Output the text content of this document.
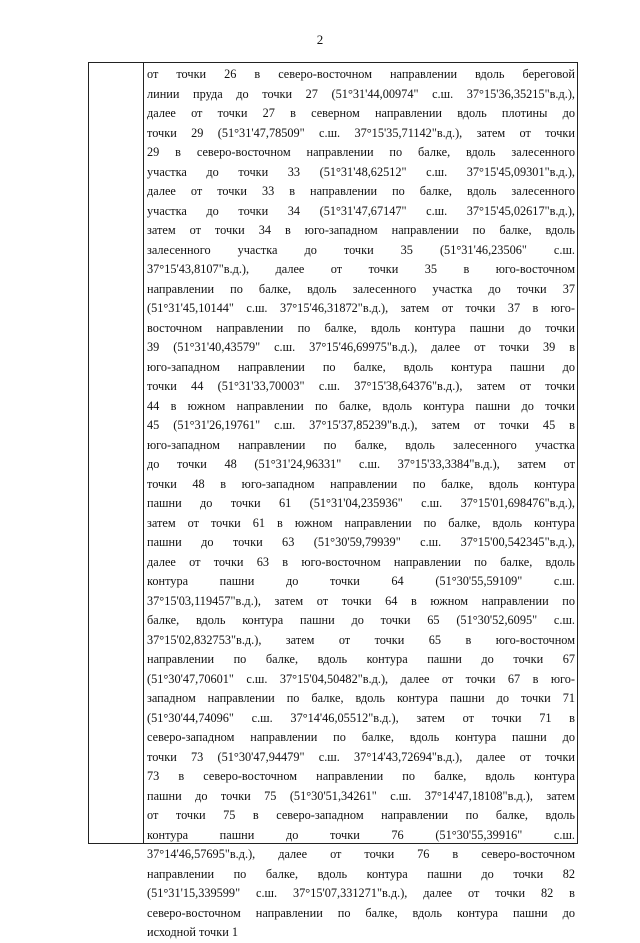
2
от точки 26 в северо-восточном направлении вдоль береговой
линии пруда до точки 27 (51°31'44,00974" с.ш. 37°15'36,35215"в.д.),
далее от точки 27 в северном направлении вдоль плотины до
точки 29 (51°31'47,78509" с.ш. 37°15'35,71142"в.д.), затем от точки
29 в северо-восточном направлении по балке, вдоль залесенного
участка до точки 33 (51°31'48,62512" с.ш. 37°15'45,09301"в.д.),
далее от точки 33 в направлении по балке, вдоль залесенного
участка до точки 34 (51°31'47,67147" с.ш. 37°15'45,02617"в.д.),
затем от точки 34 в юго-западном направлении по балке, вдоль
залесенного участка до точки 35 (51°31'46,23506" с.ш.
37°15'43,8107"в.д.), далее от точки 35 в юго-восточном
направлении по балке, вдоль залесенного участка до точки 37
(51°31'45,10144" с.ш. 37°15'46,31872"в.д.), затем от точки 37 в юго-
восточном направлении по балке, вдоль контура пашни до точки
39 (51°31'40,43579" с.ш. 37°15'46,69975"в.д.), далее от точки 39 в
юго-западном направлении по балке, вдоль контура пашни до
точки 44 (51°31'33,70003" с.ш. 37°15'38,64376"в.д.), затем от точки
44 в южном направлении по балке, вдоль контура пашни до точки
45 (51°31'26,19761" с.ш. 37°15'37,85239"в.д.), затем от точки 45 в
юго-западном направлении по балке, вдоль залесенного участка
до точки 48 (51°31'24,96331" с.ш. 37°15'33,3384"в.д.), затем от
точки 48 в юго-западном направлении по балке, вдоль контура
пашни до точки 61 (51°31'04,235936" с.ш. 37°15'01,698476"в.д.),
затем от точки 61 в южном направлении по балке, вдоль контура
пашни до точки 63 (51°30'59,79939" с.ш. 37°15'00,542345"в.д.),
далее от точки 63 в юго-восточном направлении по балке, вдоль
контура пашни до точки 64 (51°30'55,59109" с.ш.
37°15'03,119457"в.д.), затем от точки 64 в южном направлении по
балке, вдоль контура пашни до точки 65 (51°30'52,6095" с.ш.
37°15'02,832753"в.д.), затем от точки 65 в юго-восточном
направлении по балке, вдоль контура пашни до точки 67
(51°30'47,70601" с.ш. 37°15'04,50482"в.д.), далее от точки 67 в юго-
западном направлении по балке, вдоль контура пашни до точки 71
(51°30'44,74096" с.ш. 37°14'46,05512"в.д.), затем от точки 71 в
северо-западном направлении по балке, вдоль контура пашни до
точки 73 (51°30'47,94479" с.ш. 37°14'43,72694"в.д.), далее от точки
73 в северо-восточном направлении по балке, вдоль контура
пашни до точки 75 (51°30'51,34261" с.ш. 37°14'47,18108"в.д.), затем
от точки 75 в северо-западном направлении по балке, вдоль
контура пашни до точки 76 (51°30'55,39916" с.ш.
37°14'46,57695"в.д.), далее от точки 76 в северо-восточном
направлении по балке, вдоль контура пашни до точки 82
(51°31'15,339599" с.ш. 37°15'07,331271"в.д.), далее от точки 82 в
северо-восточном направлении по балке, вдоль контура пашни до
исходной точки 1
